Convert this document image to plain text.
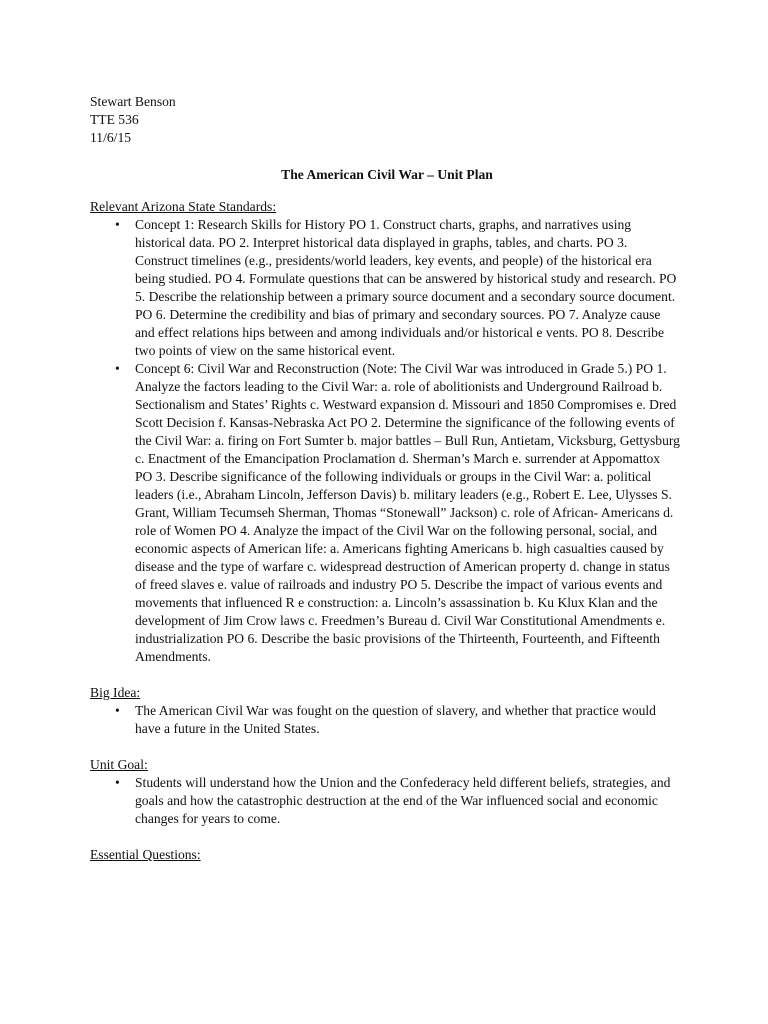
Stewart Benson
TTE 536
11/6/15
The American Civil War – Unit Plan
Relevant Arizona State Standards:
• Concept 1: Research Skills for History PO 1. Construct charts, graphs, and narratives using historical data. PO 2. Interpret historical data displayed in graphs, tables, and charts. PO 3. Construct timelines (e.g., presidents/world leaders, key events, and people) of the historical era being studied. PO 4. Formulate questions that can be answered by historical study and research. PO 5. Describe the relationship between a primary source document and a secondary source document. PO 6. Determine the credibility and bias of primary and secondary sources. PO 7. Analyze cause and effect relations hips between and among individuals and/or historical e vents. PO 8. Describe two points of view on the same historical event.
• Concept 6: Civil War and Reconstruction (Note: The Civil War was introduced in Grade 5.) PO 1. Analyze the factors leading to the Civil War: a. role of abolitionists and Underground Railroad b. Sectionalism and States’ Rights c. Westward expansion d. Missouri and 1850 Compromises e. Dred Scott Decision f. Kansas-Nebraska Act PO 2. Determine the significance of the following events of the Civil War: a. firing on Fort Sumter b. major battles – Bull Run, Antietam, Vicksburg, Gettysburg c. Enactment of the Emancipation Proclamation d. Sherman’s March e. surrender at Appomattox PO 3. Describe significance of the following individuals or groups in the Civil War: a. political leaders (i.e., Abraham Lincoln, Jefferson Davis) b. military leaders (e.g., Robert E. Lee, Ulysses S. Grant, William Tecumseh Sherman, Thomas “Stonewall” Jackson) c. role of African- Americans d. role of Women PO 4. Analyze the impact of the Civil War on the following personal, social, and economic aspects of American life: a. Americans fighting Americans b. high casualties caused by disease and the type of warfare c. widespread destruction of American property d. change in status of freed slaves e. value of railroads and industry PO 5. Describe the impact of various events and movements that influenced R e construction: a. Lincoln’s assassination b. Ku Klux Klan and the development of Jim Crow laws c. Freedmen’s Bureau d. Civil War Constitutional Amendments e. industrialization PO 6. Describe the basic provisions of the Thirteenth, Fourteenth, and Fifteenth Amendments.
Big Idea:
• The American Civil War was fought on the question of slavery, and whether that practice would have a future in the United States.
Unit Goal:
• Students will understand how the Union and the Confederacy held different beliefs, strategies, and goals and how the catastrophic destruction at the end of the War influenced social and economic changes for years to come.
Essential Questions:
